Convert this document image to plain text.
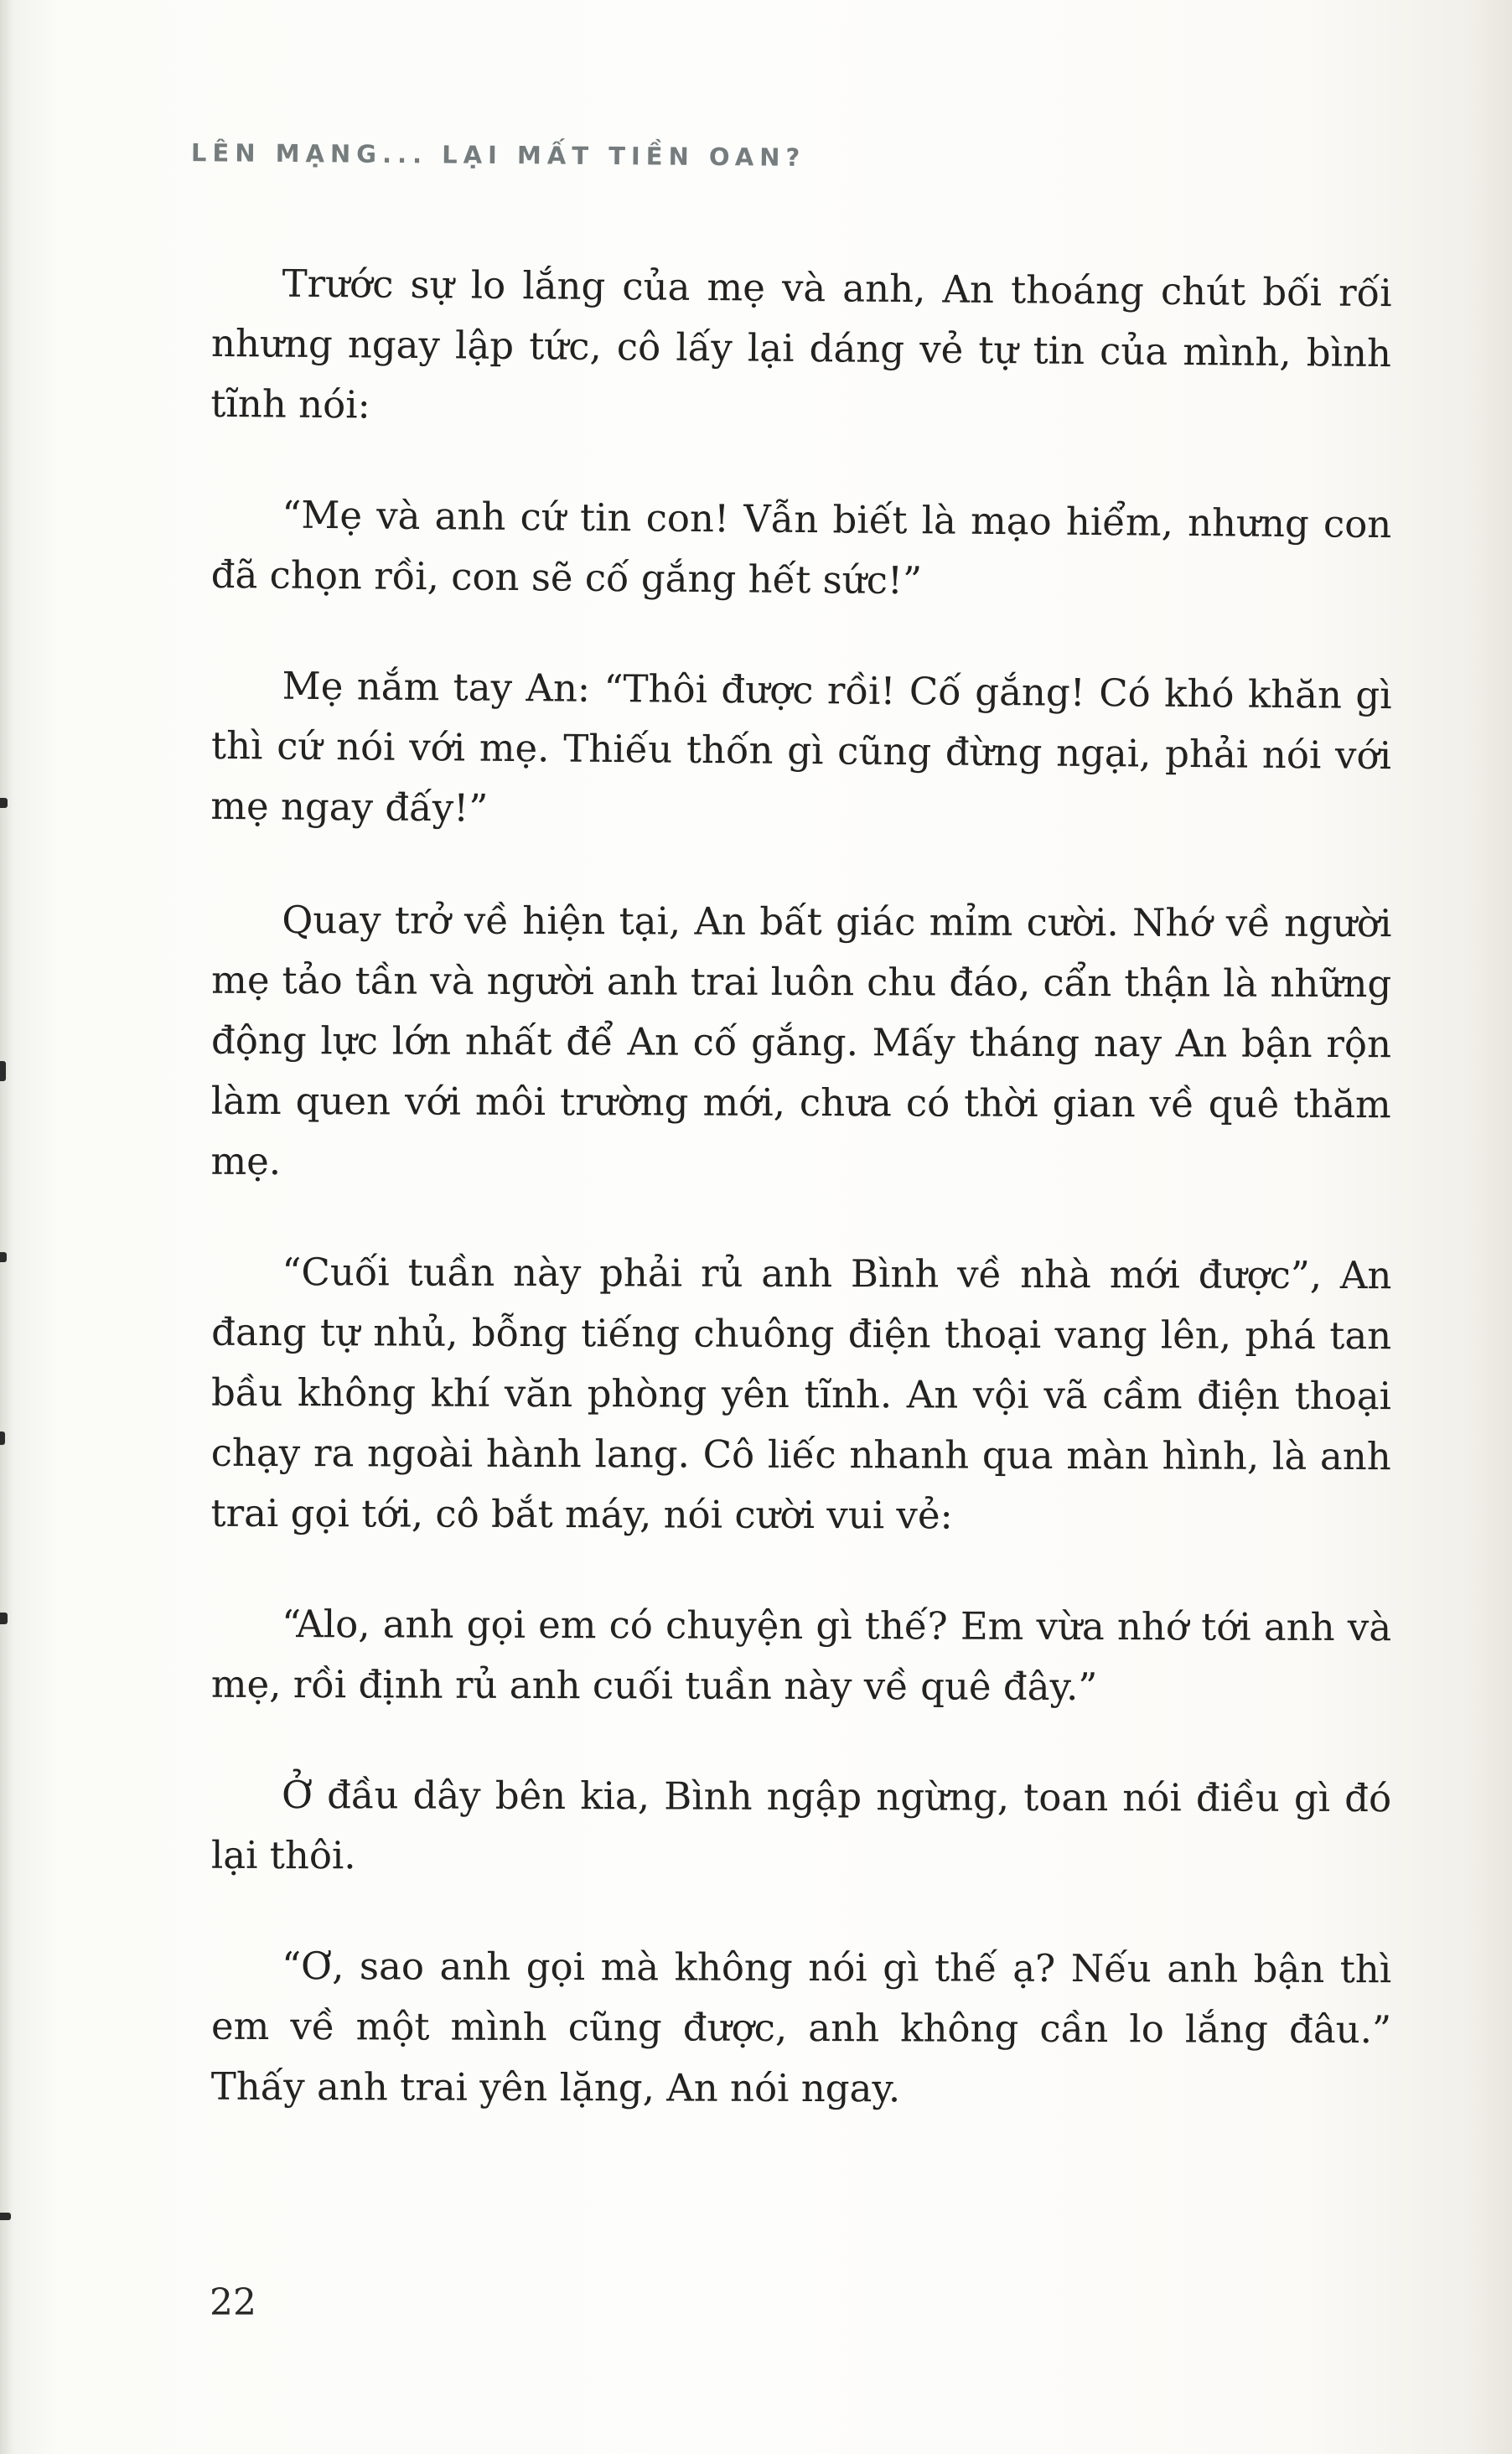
LÊN MẠNG... LẠI MẤT TIỀN OAN?

Trước sự lo lắng của mẹ và anh, An thoáng chút bối rối nhưng ngay lập tức, cô lấy lại dáng vẻ tự tin của mình, bình tĩnh nói:

“Mẹ và anh cứ tin con! Vẫn biết là mạo hiểm, nhưng con đã chọn rồi, con sẽ cố gắng hết sức!”

Mẹ nắm tay An: “Thôi được rồi! Cố gắng! Có khó khăn gì thì cứ nói với mẹ. Thiếu thốn gì cũng đừng ngại, phải nói với mẹ ngay đấy!”

Quay trở về hiện tại, An bất giác mỉm cười. Nhớ về người mẹ tảo tần và người anh trai luôn chu đáo, cẩn thận là những động lực lớn nhất để An cố gắng. Mấy tháng nay An bận rộn làm quen với môi trường mới, chưa có thời gian về quê thăm mẹ.

“Cuối tuần này phải rủ anh Bình về nhà mới được”, An đang tự nhủ, bỗng tiếng chuông điện thoại vang lên, phá tan bầu không khí văn phòng yên tĩnh. An vội vã cầm điện thoại chạy ra ngoài hành lang. Cô liếc nhanh qua màn hình, là anh trai gọi tới, cô bắt máy, nói cười vui vẻ:

“Alo, anh gọi em có chuyện gì thế? Em vừa nhớ tới anh và mẹ, rồi định rủ anh cuối tuần này về quê đây.”

Ở đầu dây bên kia, Bình ngập ngừng, toan nói điều gì đó lại thôi.

“Ơ, sao anh gọi mà không nói gì thế ạ? Nếu anh bận thì em về một mình cũng được, anh không cần lo lắng đâu.” Thấy anh trai yên lặng, An nói ngay.

22
